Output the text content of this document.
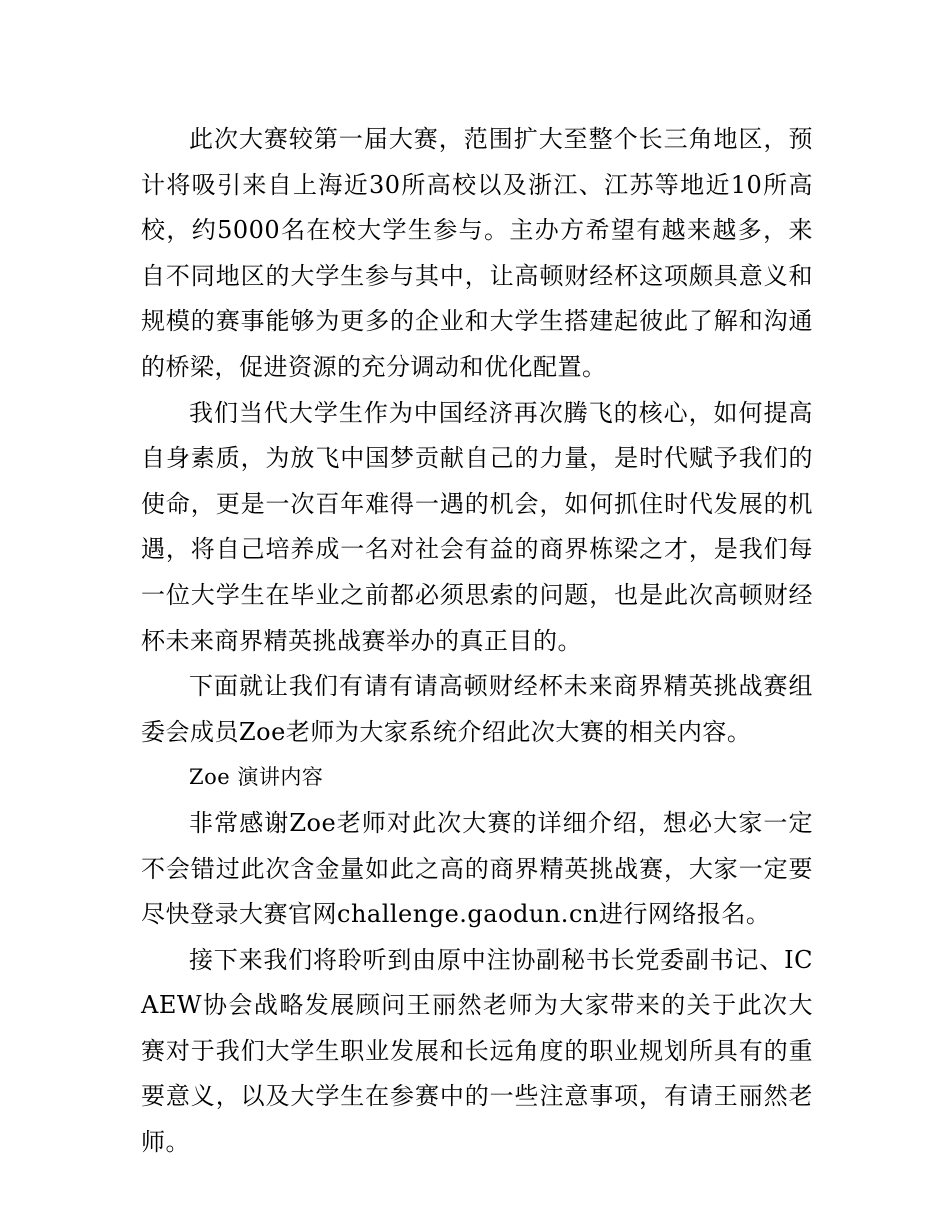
此次大赛较第一届大赛，范围扩大至整个长三角地区，预计将吸引来自上海近30所高校以及浙江、江苏等地近10所高校，约5000名在校大学生参与。主办方希望有越来越多，来自不同地区的大学生参与其中，让高顿财经杯这项颇具意义和规模的赛事能够为更多的企业和大学生搭建起彼此了解和沟通的桥梁，促进资源的充分调动和优化配置。

我们当代大学生作为中国经济再次腾飞的核心，如何提高自身素质，为放飞中国梦贡献自己的力量，是时代赋予我们的使命，更是一次百年难得一遇的机会，如何抓住时代发展的机遇，将自己培养成一名对社会有益的商界栋梁之才，是我们每一位大学生在毕业之前都必须思索的问题，也是此次高顿财经杯未来商界精英挑战赛举办的真正目的。

下面就让我们有请有请高顿财经杯未来商界精英挑战赛组委会成员Zoe老师为大家系统介绍此次大赛的相关内容。

Zoe 演讲内容

非常感谢Zoe老师对此次大赛的详细介绍，想必大家一定不会错过此次含金量如此之高的商界精英挑战赛，大家一定要尽快登录大赛官网challenge.gaodun.cn进行网络报名。

接下来我们将聆听到由原中注协副秘书长党委副书记、ICAEW协会战略发展顾问王丽然老师为大家带来的关于此次大赛对于我们大学生职业发展和长远角度的职业规划所具有的重要意义，以及大学生在参赛中的一些注意事项，有请王丽然老师。
